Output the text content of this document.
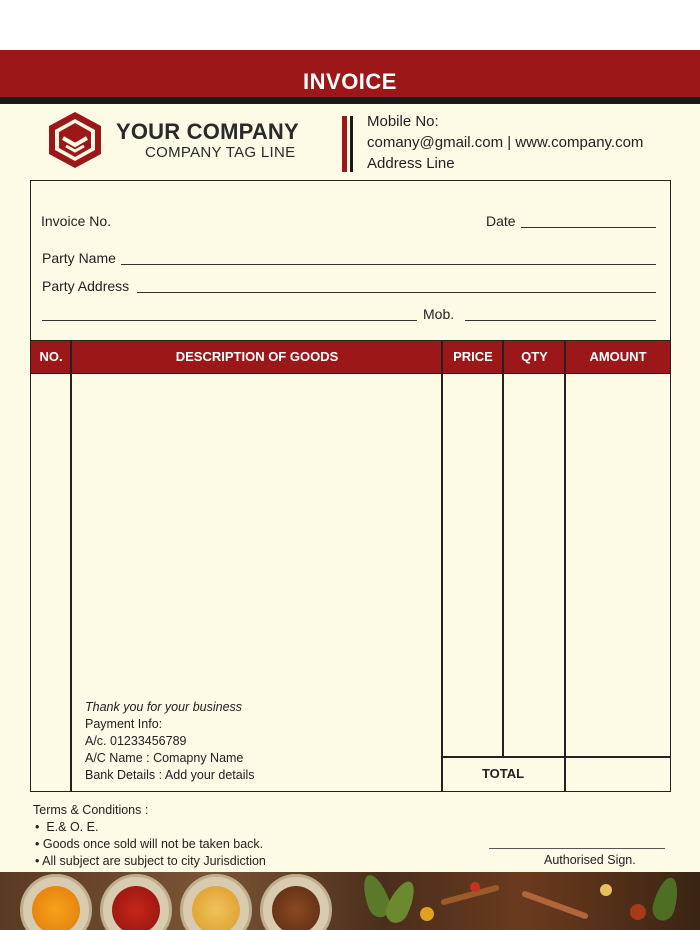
INVOICE
YOUR COMPANY
COMPANY TAG LINE
Mobile No:
comany@gmail.com | www.company.com
Address Line
Invoice No.	Date
Party Name
Party Address
Mob.
NO.	DESCRIPTION OF GOODS	PRICE	QTY	AMOUNT
TOTAL
Thank you for your business
Payment Info:
A/c. 01233456789
A/C Name : Comapny Name
Bank Details : Add your details
Terms & Conditions :
•  E.& O. E.
• Goods once sold will not be taken back.
• All subject are subject to city Jurisdiction	Authorised Sign.
